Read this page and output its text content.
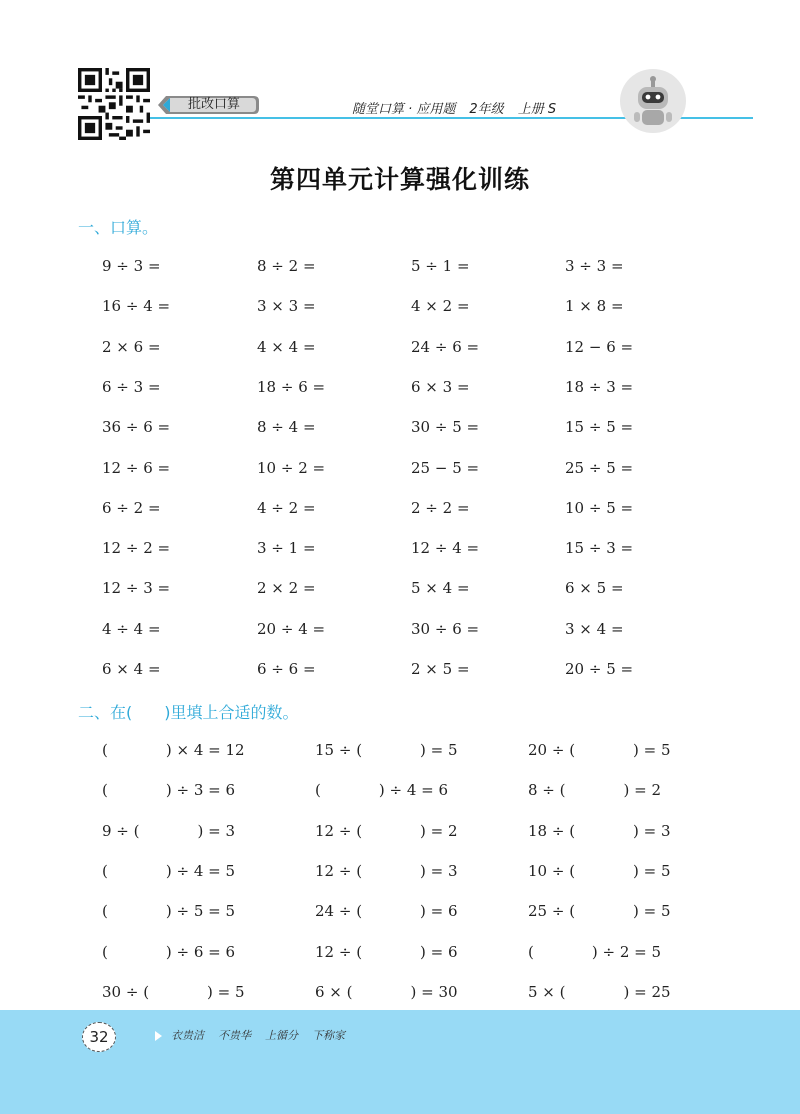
批改口算	随堂口算 · 应用题 2年级 上册 S
第四单元计算强化训练
一、口算。
9 ÷ 3 =	8 ÷ 2 =	5 ÷ 1 =	3 ÷ 3 =
16 ÷ 4 =	3 × 3 =	4 × 2 =	1 × 8 =
2 × 6 =	4 × 4 =	24 ÷ 6 =	12 − 6 =
6 ÷ 3 =	18 ÷ 6 =	6 × 3 =	18 ÷ 3 =
36 ÷ 6 =	8 ÷ 4 =	30 ÷ 5 =	15 ÷ 5 =
12 ÷ 6 =	10 ÷ 2 =	25 − 5 =	25 ÷ 5 =
6 ÷ 2 =	4 ÷ 2 =	2 ÷ 2 =	10 ÷ 5 =
12 ÷ 2 =	3 ÷ 1 =	12 ÷ 4 =	15 ÷ 3 =
12 ÷ 3 =	2 × 2 =	5 × 4 =	6 × 5 =
4 ÷ 4 =	20 ÷ 4 =	30 ÷ 6 =	3 × 4 =
6 × 4 =	6 ÷ 6 =	2 × 5 =	20 ÷ 5 =
二、在(　　)里填上合适的数。
(	) × 4 = 12	15 ÷ (	) = 5	20 ÷ (	) = 5
(	) ÷ 3 = 6	(	) ÷ 4 = 6	8 ÷ (	) = 2
9 ÷ (	) = 3	12 ÷ (	) = 2	18 ÷ (	) = 3
(	) ÷ 4 = 5	12 ÷ (	) = 3	10 ÷ (	) = 5
(	) ÷ 5 = 5	24 ÷ (	) = 6	25 ÷ (	) = 5
(	) ÷ 6 = 6	12 ÷ (	) = 6	(	) ÷ 2 = 5
30 ÷ (	) = 5	6 × (	) = 30	5 × (	) = 25
32	衣贵洁 不贵华 上循分 下称家
